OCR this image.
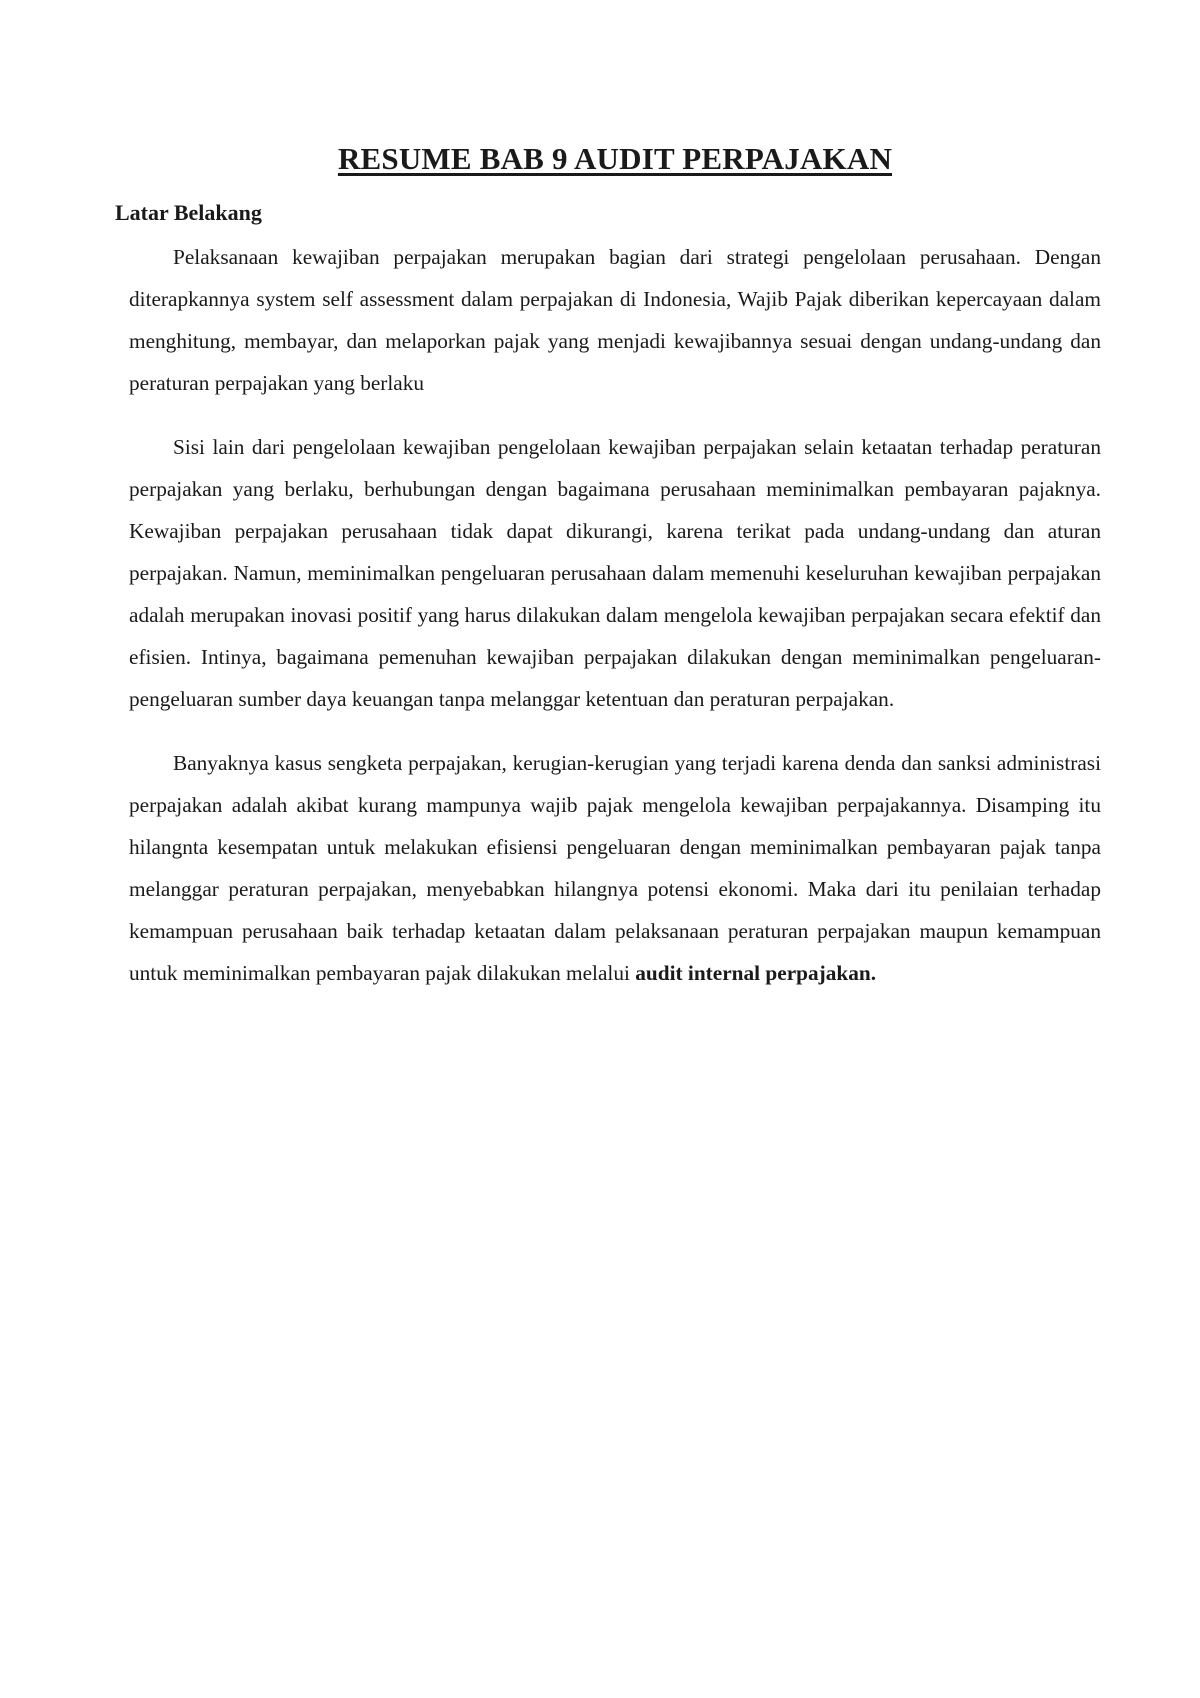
RESUME BAB 9 AUDIT PERPAJAKAN
Latar Belakang

Pelaksanaan kewajiban perpajakan merupakan bagian dari strategi pengelolaan perusahaan. Dengan diterapkannya system self assessment dalam perpajakan di Indonesia, Wajib Pajak diberikan kepercayaan dalam menghitung, membayar, dan melaporkan pajak yang menjadi kewajibannya sesuai dengan undang-undang dan peraturan perpajakan yang berlaku

Sisi lain dari pengelolaan kewajiban pengelolaan kewajiban perpajakan selain ketaatan terhadap peraturan perpajakan yang berlaku, berhubungan dengan bagaimana perusahaan meminimalkan pembayaran pajaknya. Kewajiban perpajakan perusahaan tidak dapat dikurangi, karena terikat pada undang-undang dan aturan perpajakan. Namun, meminimalkan pengeluaran perusahaan dalam memenuhi keseluruhan kewajiban perpajakan adalah merupakan inovasi positif yang harus dilakukan dalam mengelola kewajiban perpajakan secara efektif dan efisien. Intinya, bagaimana pemenuhan kewajiban perpajakan dilakukan dengan meminimalkan pengeluaran-pengeluaran sumber daya keuangan tanpa melanggar ketentuan dan peraturan perpajakan.

Banyaknya kasus sengketa perpajakan, kerugian-kerugian yang terjadi karena denda dan sanksi administrasi perpajakan adalah akibat kurang mampunya wajib pajak mengelola kewajiban perpajakannya. Disamping itu hilangnta kesempatan untuk melakukan efisiensi pengeluaran dengan meminimalkan pembayaran pajak tanpa melanggar peraturan perpajakan, menyebabkan hilangnya potensi ekonomi. Maka dari itu penilaian terhadap kemampuan perusahaan baik terhadap ketaatan dalam pelaksanaan peraturan perpajakan maupun kemampuan untuk meminimalkan pembayaran pajak dilakukan melalui audit internal perpajakan.
